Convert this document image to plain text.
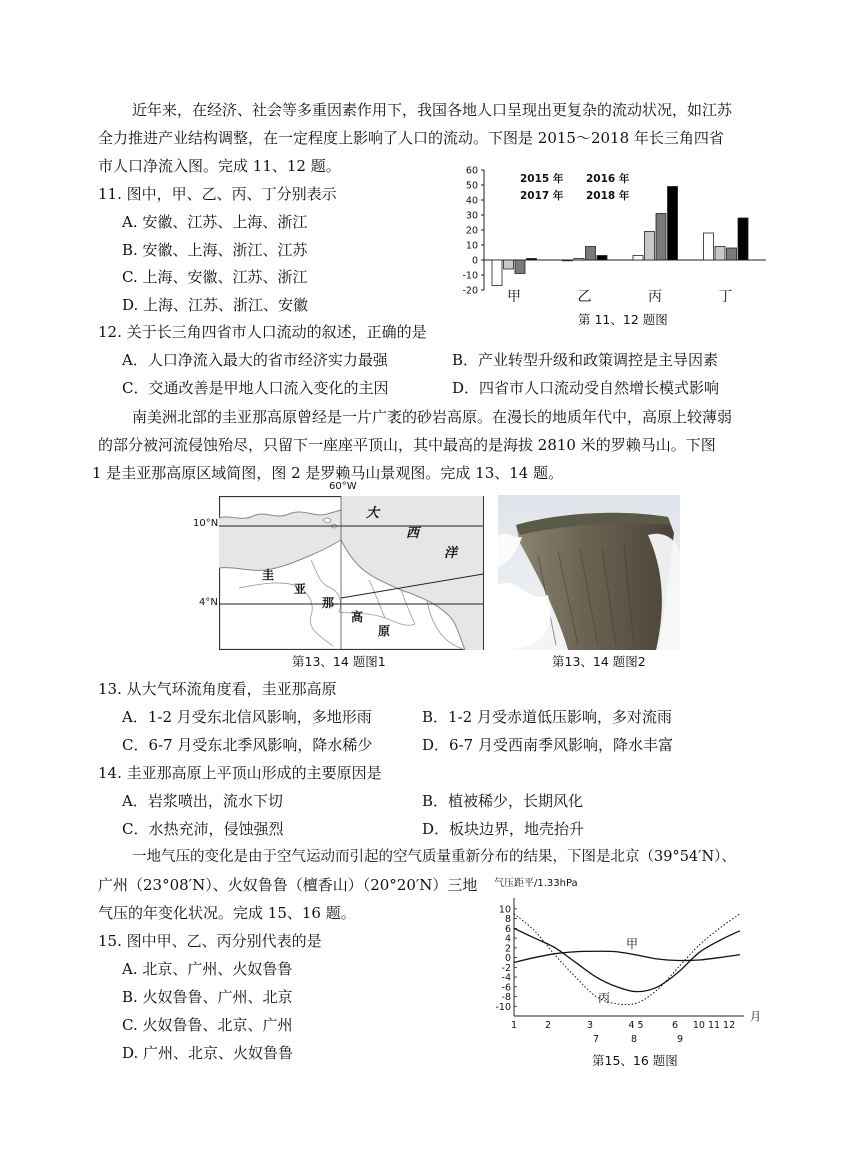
近年来，在经济、社会等多重因素作用下，我国各地人口呈现出更复杂的流动状况，如江苏
全力推进产业结构调整，在一定程度上影响了人口的流动。下图是 2015～2018 年长三角四省
市人口净流入图。完成 11、12 题。
11. 图中，甲、乙、丙、丁分别表示
A. 安徽、江苏、上海、浙江
B. 安徽、上海、浙江、江苏
C. 上海、安徽、江苏、浙江
D. 上海、江苏、浙江、安徽
60
50
40
30
20
10
0
-10
-20 甲	乙	丙	丁
2015 年 2016 年
2017 年 2018 年
第 11、12 题图
12. 关于长三角四省市人口流动的叙述，正确的是
A．人口净流入最大的省市经济实力最强	B．产业转型升级和政策调控是主导因素
C．交通改善是甲地人口流入变化的主因	D．四省市人口流动受自然增长模式影响
南美洲北部的圭亚那高原曾经是一片广袤的砂岩高原。在漫长的地质年代中，高原上较薄弱
的部分被河流侵蚀殆尽，只留下一座座平顶山，其中最高的是海拔 2810 米的罗赖马山。下图
1 是圭亚那高原区域简图，图 2 是罗赖马山景观图。完成 13、14 题。
60°W
10°N
4°N
大
西
洋
圭
亚
那
高
原
第13、14 题图1	第13、14 题图2
13. 从大气环流角度看，圭亚那高原
A．1-2 月受东北信风影响，多地形雨	B．1-2 月受赤道低压影响，多对流雨
C．6-7 月受东北季风影响，降水稀少	D．6-7 月受西南季风影响，降水丰富
14. 圭亚那高原上平顶山形成的主要原因是
A．岩浆喷出，流水下切	B．植被稀少，长期风化
C．水热充沛，侵蚀强烈	D．板块边界，地壳抬升
一地气压的变化是由于空气运动而引起的空气质量重新分布的结果，下图是北京（39°54′N）、
广州（23°08′N）、火奴鲁鲁（檀香山）（20°20′N）三地
气压的年变化状况。完成 15、16 题。
15. 图中甲、乙、丙分别代表的是
A. 北京、广州、火奴鲁鲁
B. 火奴鲁鲁、广州、北京
C. 火奴鲁鲁、北京、广州
D. 广州、北京、火奴鲁鲁
气压距平/1.33hPa
10
8
6
4
2
0
-2
-4
-6
-8
-10
1	2	3	4 5	6 10 11 12
7	8	9
月
甲
丙
第15、16 题图
